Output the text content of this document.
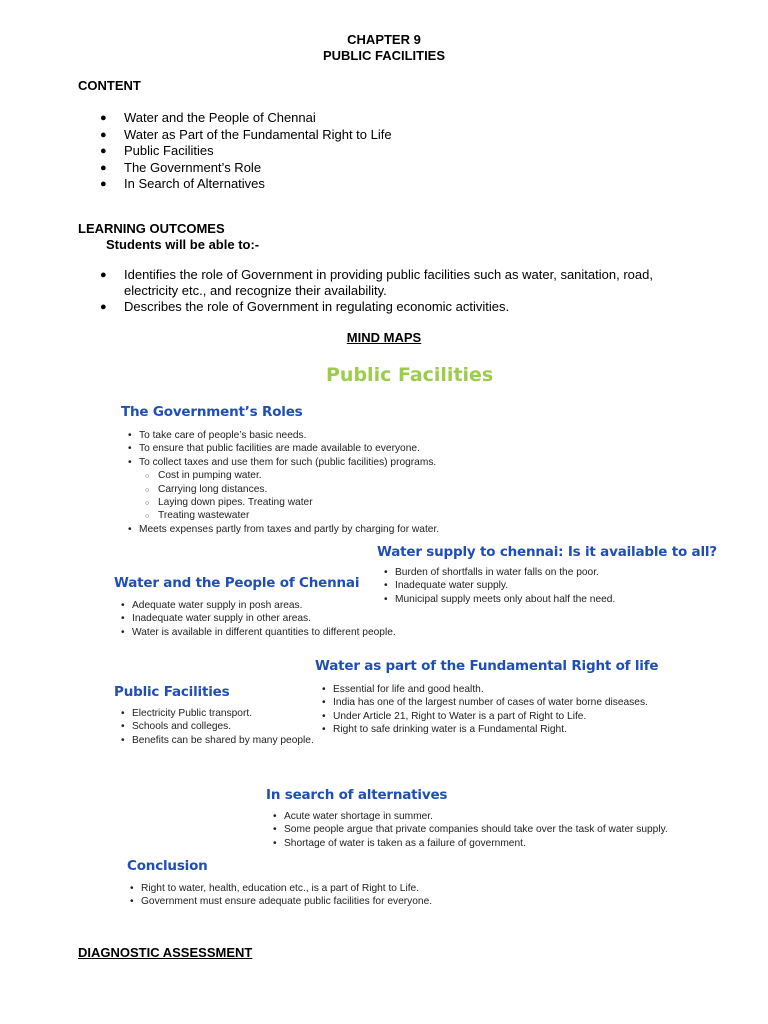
CHAPTER 9
PUBLIC FACILITIES
CONTENT
● Water and the People of Chennai
● Water as Part of the Fundamental Right to Life
● Public Facilities
● The Government’s Role
● In Search of Alternatives
LEARNING OUTCOMES
Students will be able to:-
● Identifies the role of Government in providing public facilities such as water, sanitation, road,
electricity etc., and recognize their availability.
● Describes the role of Government in regulating economic activities.
MIND MAPS
Public Facilities
The Government’s Roles
• To take care of people’s basic needs.
• To ensure that public facilities are made available to everyone.
• To collect taxes and use them for such (public facilities) programs.
○ Cost in pumping water.
○ Carrying long distances.
○ Laying down pipes. Treating water
○ Treating wastewater
• Meets expenses partly from taxes and partly by charging for water.
Water supply to chennai: Is it available to all?
• Burden of shortfalls in water falls on the poor.
• Inadequate water supply.
• Municipal supply meets only about half the need.
Water and the People of Chennai
• Adequate water supply in posh areas.
• Inadequate water supply in other areas.
• Water is available in different quantities to different people.
Water as part of the Fundamental Right of life
• Essential for life and good health.
• India has one of the largest number of cases of water borne diseases.
• Under Article 21, Right to Water is a part of Right to Life.
• Right to safe drinking water is a Fundamental Right.
Public Facilities
• Electricity Public transport.
• Schools and colleges.
• Benefits can be shared by many people.
In search of alternatives
• Acute water shortage in summer.
• Some people argue that private companies should take over the task of water supply.
• Shortage of water is taken as a failure of government.
Conclusion
• Right to water, health, education etc., is a part of Right to Life.
• Government must ensure adequate public facilities for everyone.
DIAGNOSTIC ASSESSMENT
